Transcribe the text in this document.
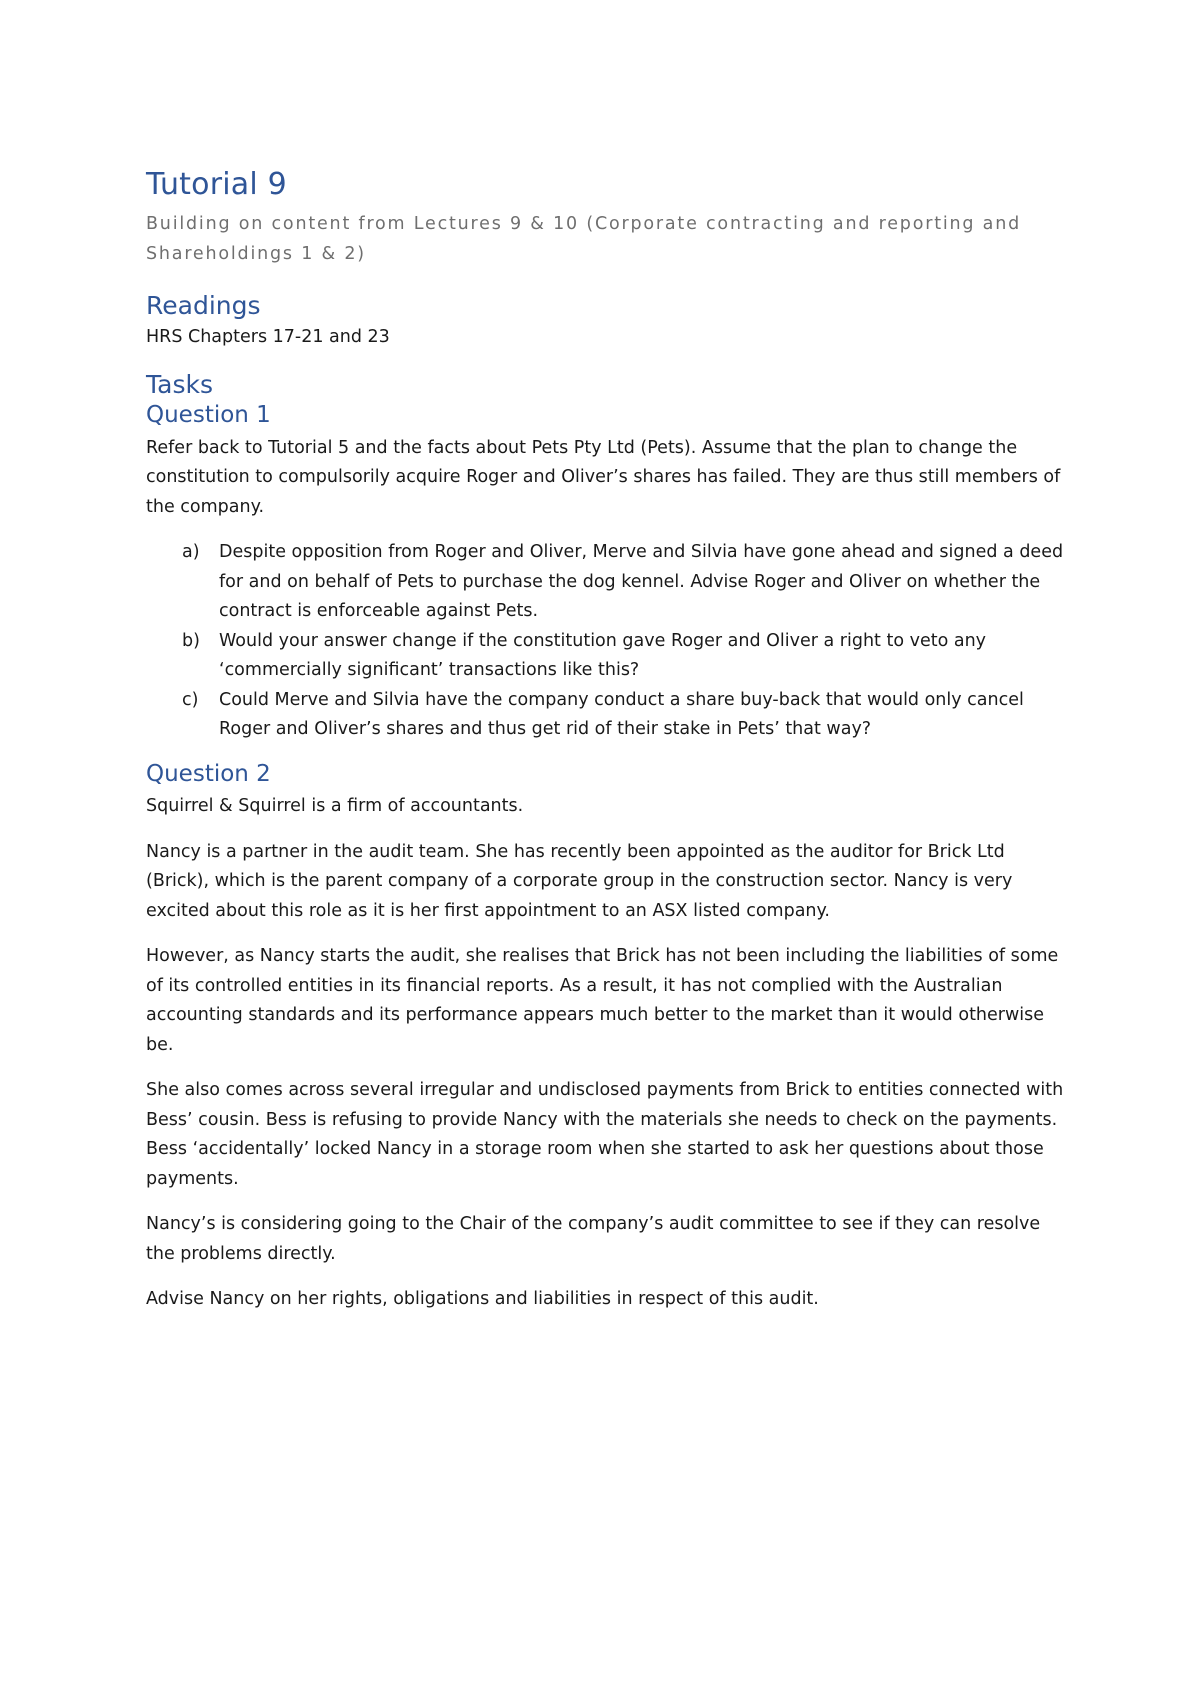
Tutorial 9
Building on content from Lectures 9 & 10 (Corporate contracting and reporting and Shareholdings 1 & 2)
Readings

HRS Chapters 17-21 and 23

Tasks
Question 1

Refer back to Tutorial 5 and the facts about Pets Pty Ltd (Pets). Assume that the plan to change the constitution to compulsorily acquire Roger and Oliver’s shares has failed. They are thus still members of the company.

a) Despite opposition from Roger and Oliver, Merve and Silvia have gone ahead and signed a deed for and on behalf of Pets to purchase the dog kennel. Advise Roger and Oliver on whether the contract is enforceable against Pets.
b) Would your answer change if the constitution gave Roger and Oliver a right to veto any ‘commercially significant’ transactions like this?
c) Could Merve and Silvia have the company conduct a share buy-back that would only cancel Roger and Oliver’s shares and thus get rid of their stake in Pets’ that way?
Question 2

Squirrel & Squirrel is a firm of accountants.

Nancy is a partner in the audit team. She has recently been appointed as the auditor for Brick Ltd (Brick), which is the parent company of a corporate group in the construction sector. Nancy is very excited about this role as it is her first appointment to an ASX listed company.

However, as Nancy starts the audit, she realises that Brick has not been including the liabilities of some of its controlled entities in its financial reports. As a result, it has not complied with the Australian accounting standards and its performance appears much better to the market than it would otherwise be.

She also comes across several irregular and undisclosed payments from Brick to entities connected with Bess’ cousin. Bess is refusing to provide Nancy with the materials she needs to check on the payments. Bess ‘accidentally’ locked Nancy in a storage room when she started to ask her questions about those payments.

Nancy’s is considering going to the Chair of the company’s audit committee to see if they can resolve the problems directly.

Advise Nancy on her rights, obligations and liabilities in respect of this audit.
